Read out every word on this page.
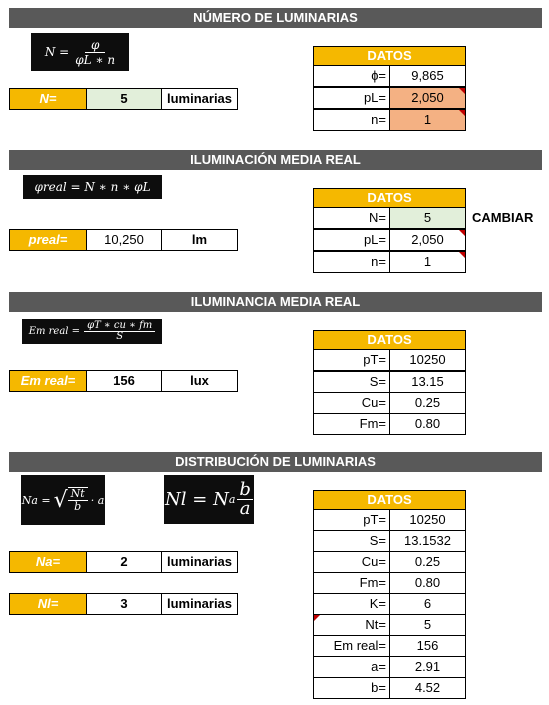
NÚMERO DE LUMINARIAS
$N = \frac{\varphi}{\varphi L ∗ n}$
N=	5	luminarias
DATOS
ɸ=	9,865
pL=	2,050
n=	1
ILUMINACIÓN MEDIA REAL
φreal = N ∗ n ∗ φL
preal=	10,250	lm
DATOS
N=	5
pL=	2,050
n=	1
CAMBIAR
ILUMINANCIA MEDIA REAL
Em real = $\frac{\varphi T ∗ cu ∗ fm}{S}$
Em real=	156	lux
DATOS
pT=	10250
S=	13.15
Cu=	0.25
Fm=	0.80
DISTRIBUCIÓN DE LUMINARIAS
Na = √ $\frac{Nt}{b} \cdot a$	Nl = N a $\frac{b}{a}$
Na=	2	luminarias
Nl=	3	luminarias
DATOS
pT=	10250
S=	13.1532
Cu=	0.25
Fm=	0.80
K=	6
Nt=	5
Em real=	156
a=	2.91
b=	4.52
